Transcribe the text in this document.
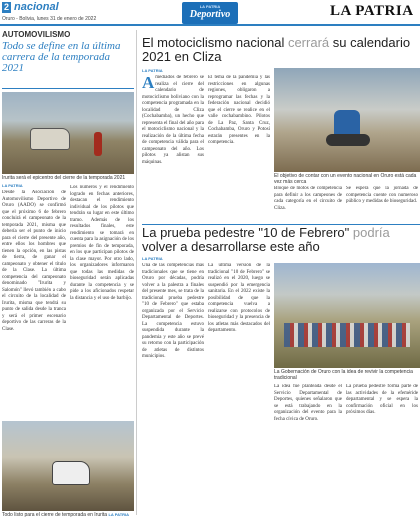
2 nacional
Oruro - Bolivia, lunes 31 de enero de 2022
LA PATRIA
Deportivo	LA PATRIA
AUTOMOVILISMO
Todo se define en la última carrera de la temporada 2021
Irurita será el epicentro del cierre de la temporada 2021
LA PATRIA
Desde la Asociación de Automovilismo Deportivo de Oruro (AADO) se confirmó que el próximo 6 de febrero concluirá el campeonato de la temporada 2021, misma que debería ser el punto de inicio para el cierre del presente año, entre ellos los hombres que tienen la opción, en las pistas de tierra, de ganar el campeonato y obtener el título de la Clase. La última competencia del campeonato denominado "Irurita y Salomón" llevó también a cabo el circuito de la localidad de Irurita, misma que tendrá su punto de salida desde la tranca y será el primer escenario deportivo de las carreras de la Clase.
Los números y el rendimiento logrado en fechas anteriores, destacan el rendimiento individual de los pilotos que tendrán su lugar en este último tramo. Además de los resultados finales, este rendimiento se tomará en cuenta para la asignación de los premios de fin de temporada, en los que participan pilotos de la clase mayor. Por otro lado, los organizadores informaron que todas las medidas de bioseguridad serán aplicadas durante la competencia y se pide a los aficionados respetar la distancia y el uso de barbijo.
Todo listo para el cierre de temporada en Irurita LA PATRIA
El motociclismo nacional cerrará su calendario 2021 en Cliza
LA PATRIA
Amediados de febrero se realiza el cierre del calendario de motociclismo boliviano con la competencia programada en la localidad de Cliza (Cochabamba), un hecho que representa el final del año para el motociclismo nacional y la realización de la última fecha de competencia válida para el campeonato del año. Los pilotos ya alistan sus máquinas.
El tema de la pandemia y las restricciones en algunas regiones, obligaron a reprogramar las fechas y la federación nacional decidió que el cierre se realice en el valle cochabambino. Pilotos de La Paz, Santa Cruz, Cochabamba, Oruro y Potosí estarán presentes en la competencia.
El objetivo de contar con un evento nacional en Oruro está cada vez más cerca
Bloque de motos de competencia para definir a los campeones de cada categoría en el circuito de Cliza.
Se espera que la jornada de competencia cuente con numeroso público y medidas de bioseguridad.
La prueba pedestre "10 de Febrero" podría volver a desarrollarse este año
LA PATRIA
Una de las competencias más tradicionales que se tiene en Oruro por décadas, podría volver a la palestra a finales del presente mes, se trata de la tradicional prueba pedestre "10 de Febrero" que estaba organizada por el Servicio Departamental de Deportes. La competencia estuvo suspendida durante la pandemia y este año se prevé su retorno con la participación de atletas de distintos municipios.
La última versión de la tradicional "10 de Febrero" se realizó en el 2020, luego se suspendió por la emergencia sanitaria. En el 2022 existe la posibilidad de que la competencia vuelva a realizarse con protocolos de bioseguridad y la presencia de los atletas más destacados del departamento.
La Gobernación de Oruro con la idea de revivir la competencia tradicional
La idea fue planteada desde el Servicio Departamental de Deportes, quienes señalaron que se está trabajando en la organización del evento para la fecha cívica de Oruro.
La prueba pedestre forma parte de las actividades de la efeméride departamental y se espera la confirmación oficial en los próximos días.
